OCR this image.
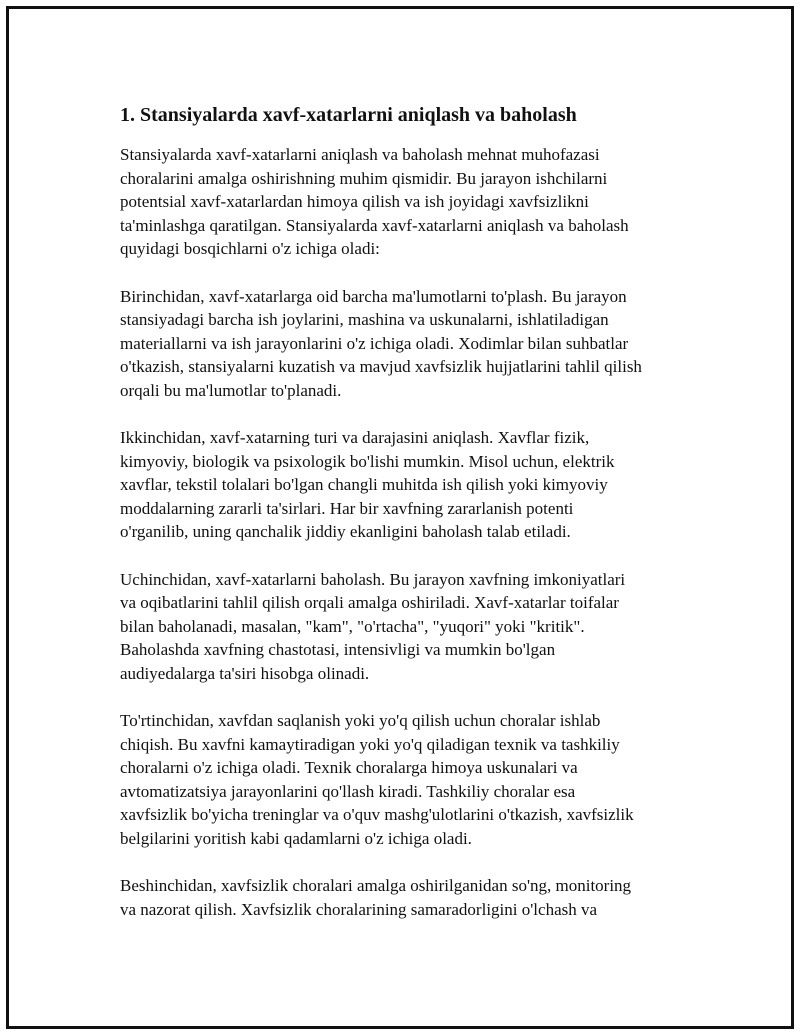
1. Stansiyalarda xavf-xatarlarni aniqlash va baholash

Stansiyalarda xavf-xatarlarni aniqlash va baholash mehnat muhofazasi
choralarini amalga oshirishning muhim qismidir. Bu jarayon ishchilarni
potentsial xavf-xatarlardan himoya qilish va ish joyidagi xavfsizlikni
ta'minlashga qaratilgan. Stansiyalarda xavf-xatarlarni aniqlash va baholash
quyidagi bosqichlarni o'z ichiga oladi:

Birinchidan, xavf-xatarlarga oid barcha ma'lumotlarni to'plash. Bu jarayon
stansiyadagi barcha ish joylarini, mashina va uskunalarni, ishlatiladigan
materiallarni va ish jarayonlarini o'z ichiga oladi. Xodimlar bilan suhbatlar
o'tkazish, stansiyalarni kuzatish va mavjud xavfsizlik hujjatlarini tahlil qilish
orqali bu ma'lumotlar to'planadi.

Ikkinchidan, xavf-xatarning turi va darajasini aniqlash. Xavflar fizik,
kimyoviy, biologik va psixologik bo'lishi mumkin. Misol uchun, elektrik
xavflar, tekstil tolalari bo'lgan changli muhitda ish qilish yoki kimyoviy
moddalarning zararli ta'sirlari. Har bir xavfning zararlanish potenti
o'rganilib, uning qanchalik jiddiy ekanligini baholash talab etiladi.

Uchinchidan, xavf-xatarlarni baholash. Bu jarayon xavfning imkoniyatlari
va oqibatlarini tahlil qilish orqali amalga oshiriladi. Xavf-xatarlar toifalar
bilan baholanadi, masalan, "kam", "o'rtacha", "yuqori" yoki "kritik".
Baholashda xavfning chastotasi, intensivligi va mumkin bo'lgan
audiyedalarga ta'siri hisobga olinadi.

To'rtinchidan, xavfdan saqlanish yoki yo'q qilish uchun choralar ishlab
chiqish. Bu xavfni kamaytiradigan yoki yo'q qiladigan texnik va tashkiliy
choralarni o'z ichiga oladi. Texnik choralarga himoya uskunalari va
avtomatizatsiya jarayonlarini qo'llash kiradi. Tashkiliy choralar esa
xavfsizlik bo'yicha treninglar va o'quv mashg'ulotlarini o'tkazish, xavfsizlik
belgilarini yoritish kabi qadamlarni o'z ichiga oladi.

Beshinchidan, xavfsizlik choralari amalga oshirilganidan so'ng, monitoring
va nazorat qilish. Xavfsizlik choralarining samaradorligini o'lchash va
